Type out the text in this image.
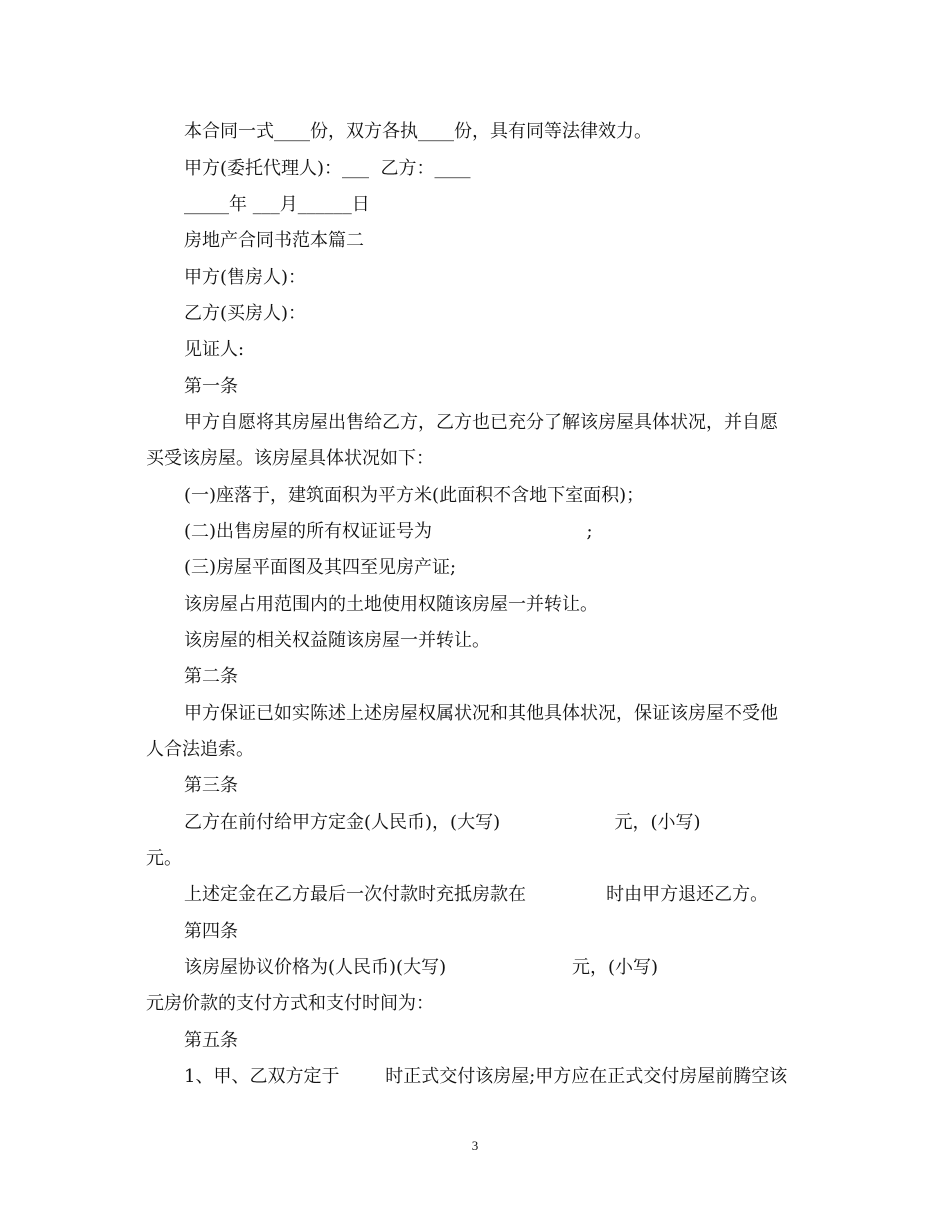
本合同一式____份，双方各执____份，具有同等法律效力。
甲方(委托代理人)：___  乙方：____
_____年 ___月______日
房地产合同书范本篇二
甲方(售房人)：
乙方(买房人)：
见证人:
第一条
甲方自愿将其房屋出售给乙方，乙方也已充分了解该房屋具体状况，并自愿
买受该房屋。该房屋具体状况如下：
(一)座落于，建筑面积为平方米(此面积不含地下室面积)；
(二)出售房屋的所有权证证号为                           ;
(三)房屋平面图及其四至见房产证;
该房屋占用范围内的土地使用权随该房屋一并转让。
该房屋的相关权益随该房屋一并转让。
第二条
甲方保证已如实陈述上述房屋权属状况和其他具体状况，保证该房屋不受他
人合法追索。
第三条
乙方在前付给甲方定金(人民币)，(大写)                    元，(小写)
元。
上述定金在乙方最后一次付款时充抵房款在              时由甲方退还乙方。
第四条
该房屋协议价格为(人民币)(大写)                      元，(小写)
元房价款的支付方式和支付时间为：
第五条
1、甲、乙双方定于        时正式交付该房屋;甲方应在正式交付房屋前腾空该
3
